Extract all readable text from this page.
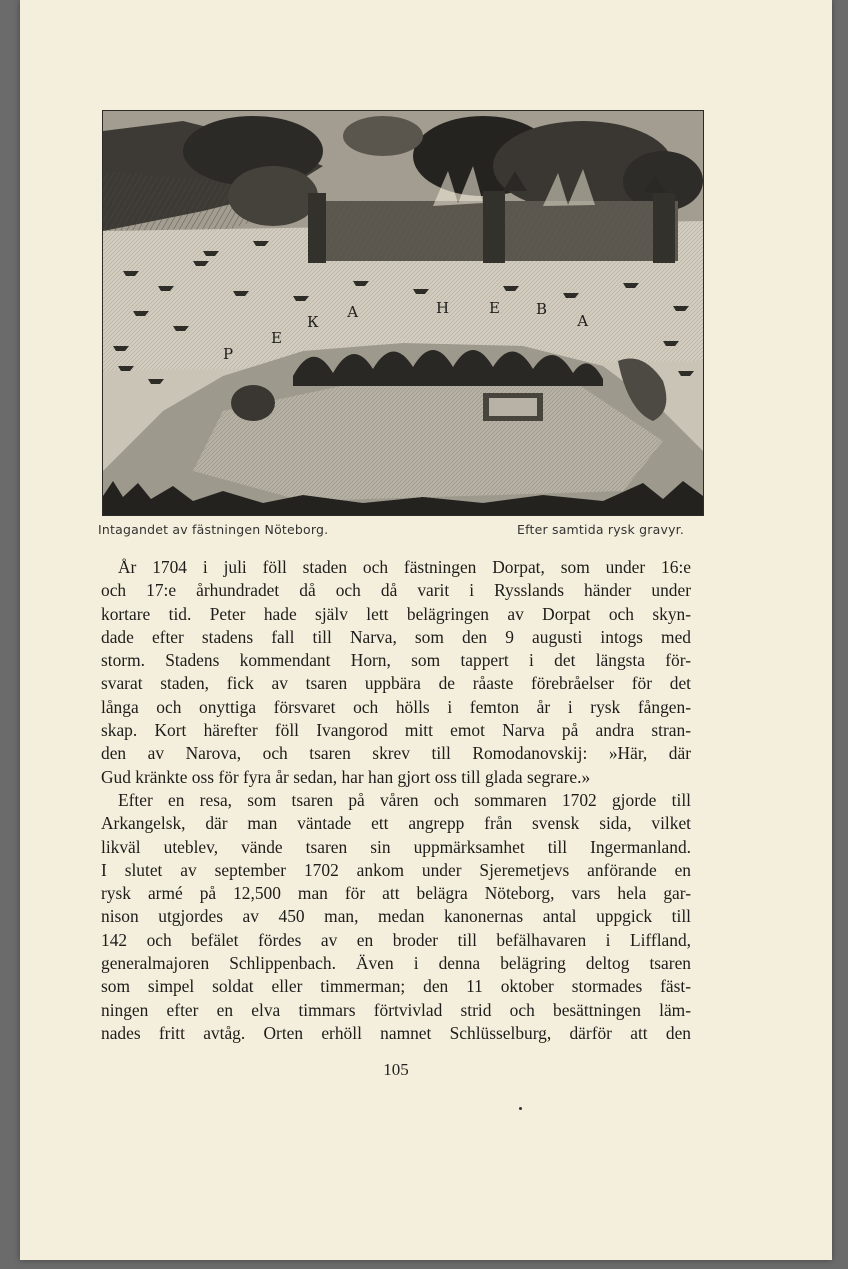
Р
Е
К
А	Н	Е В
А
Intagandet av fästningen Nöteborg.	Efter samtida rysk gravyr.
År 1704 i juli föll staden och fästningen Dorpat, som under 16:e
och 17:e århundradet då och då varit i Rysslands händer under
kortare tid. Peter hade själv lett belägringen av Dorpat och skyn-
dade efter stadens fall till Narva, som den 9 augusti intogs med
storm. Stadens kommendant Horn, som tappert i det längsta för-
svarat staden, fick av tsaren uppbära de råaste förebråelser för det
långa och onyttiga försvaret och hölls i femton år i rysk fången-
skap. Kort härefter föll Ivangorod mitt emot Narva på andra stran-
den av Narova, och tsaren skrev till Romodanovskij: »Här, där
Gud kränkte oss för fyra år sedan, har han gjort oss till glada segrare.»
Efter en resa, som tsaren på våren och sommaren 1702 gjorde till
Arkangelsk, där man väntade ett angrepp från svensk sida, vilket
likväl uteblev, vände tsaren sin uppmärksamhet till Ingermanland.
I slutet av september 1702 ankom under Sjeremetjevs anförande en
rysk armé på 12,500 man för att belägra Nöteborg, vars hela gar-
nison utgjordes av 450 man, medan kanonernas antal uppgick till
142 och befälet fördes av en broder till befälhavaren i Liffland,
generalmajoren Schlippenbach. Även i denna belägring deltog tsaren
som simpel soldat eller timmerman; den 11 oktober stormades fäst-
ningen efter en elva timmars förtvivlad strid och besättningen läm-
nades fritt avtåg. Orten erhöll namnet Schlüsselburg, därför att den
105
